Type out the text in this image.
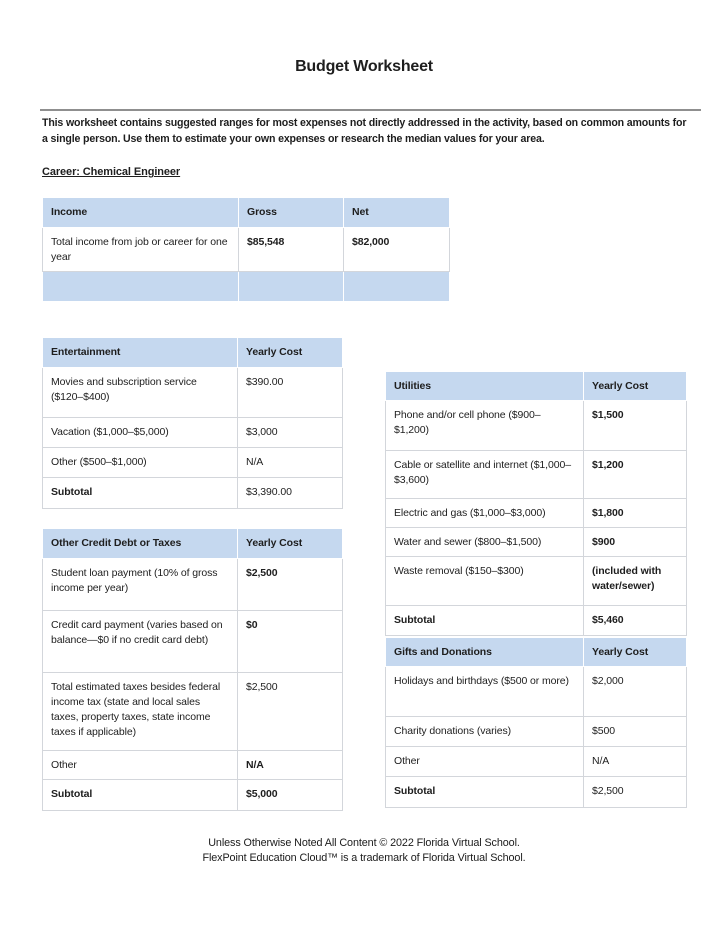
Budget Worksheet
This worksheet contains suggested ranges for most expenses not directly addressed in the activity, based on common amounts for a single person. Use them to estimate your own expenses or research the median values for your area.
Career: Chemical Engineer
Income	Gross	Net
Total income from job or career for one year	$85,548	$82,000

Entertainment	Yearly Cost
Movies and subscription service ($120–$400)	$390.00
Vacation ($1,000–$5,000)	$3,000
Other ($500–$1,000)	N/A
Subtotal	$3,390.00
Other Credit Debt or Taxes	Yearly Cost
Student loan payment (10% of gross income per year)	$2,500
Credit card payment (varies based on balance—$0 if no credit card debt)	$0
Total estimated taxes besides federal income tax (state and local sales taxes, property taxes, state income taxes if applicable)	$2,500
Other	N/A
Subtotal	$5,000
Utilities	Yearly Cost
Phone and/or cell phone ($900–$1,200)	$1,500
Cable or satellite and internet ($1,000–$3,600)	$1,200
Electric and gas ($1,000–$3,000)	$1,800
Water and sewer ($800–$1,500)	$900
Waste removal ($150–$300)	(included with water/sewer)
Subtotal	$5,460
Gifts and Donations	Yearly Cost
Holidays and birthdays ($500 or more)	$2,000
Charity donations (varies)	$500
Other	N/A
Subtotal	$2,500
Unless Otherwise Noted All Content © 2022 Florida Virtual School.
FlexPoint Education Cloud™ is a trademark of Florida Virtual School.
